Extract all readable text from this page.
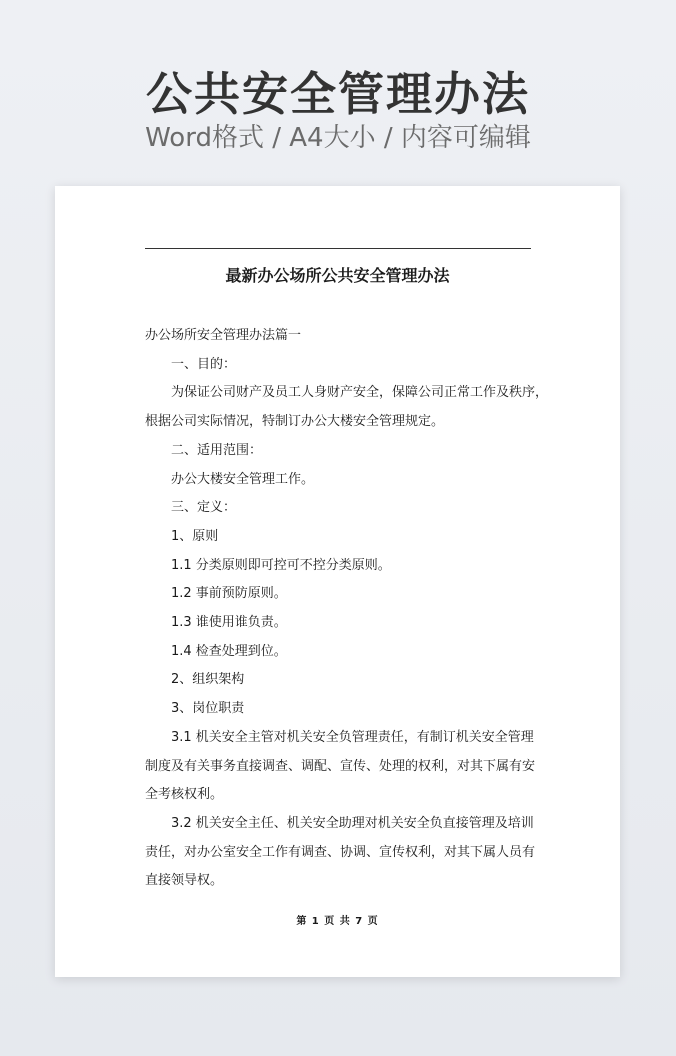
公共安全管理办法
Word格式 / A4大小 / 内容可编辑
最新办公场所公共安全管理办法

办公场所安全管理办法篇一

一、目的：

为保证公司财产及员工人身财产安全，保障公司正常工作及秩序，

根据公司实际情况，特制订办公大楼安全管理规定。

二、适用范围：

办公大楼安全管理工作。

三、定义：

1、原则

1.1 分类原则即可控可不控分类原则。

1.2 事前预防原则。

1.3 谁使用谁负责。

1.4 检查处理到位。

2、组织架构

3、岗位职责

3.1 机关安全主管对机关安全负管理责任，有制订机关安全管理

制度及有关事务直接调查、调配、宣传、处理的权利，对其下属有安

全考核权利。

3.2 机关安全主任、机关安全助理对机关安全负直接管理及培训

责任，对办公室安全工作有调查、协调、宣传权利，对其下属人员有

直接领导权。

第 1 页 共 7 页
